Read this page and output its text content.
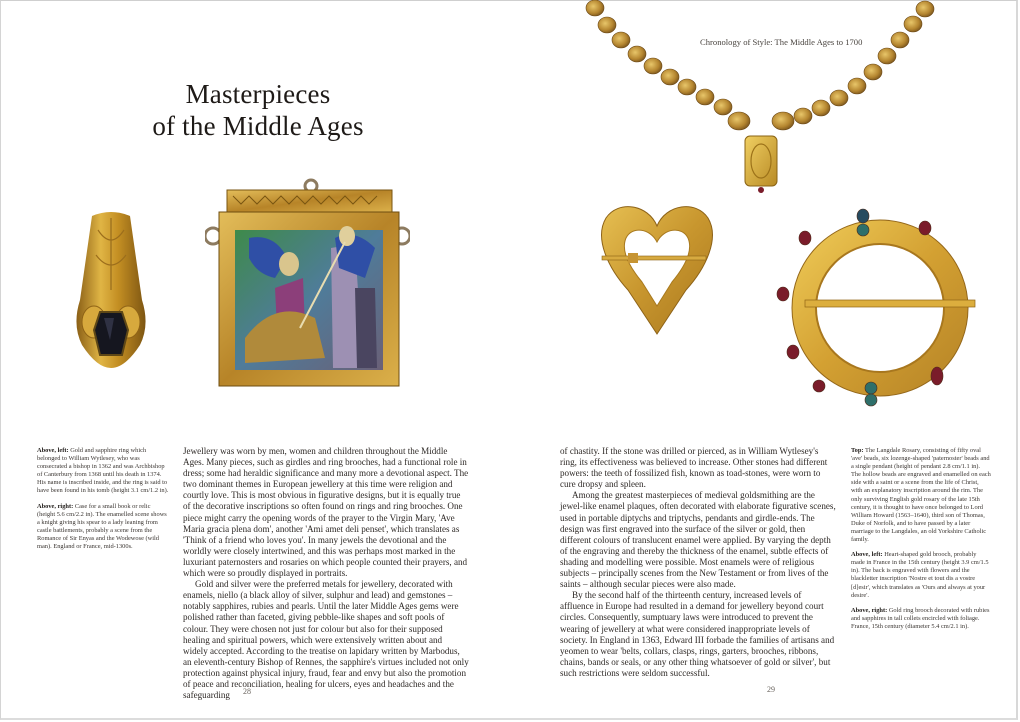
Masterpieces
of the Middle Ages

Above, left: Gold and sapphire ring which belonged to William Wytlesey, who was consecrated a bishop in 1362 and was Archbishop of Canterbury from 1368 until his death in 1374. His name is inscribed inside, and the ring is said to have been found in his tomb (height 3.1 cm/1.2 in).

Above, right: Case for a small book or relic (height 5.6 cm/2.2 in). The enamelled scene shows a knight giving his spear to a lady leaning from castle battlements, probably a scene from the Romance of Sir Enyas and the Wodewose (wild man). England or France, mid-1300s.

Jewellery was worn by men, women and children throughout the Middle Ages. Many pieces, such as girdles and ring brooches, had a functional role in dress; some had heraldic significance and many more a devotional aspect. The two dominant themes in European jewellery at this time were religion and courtly love. This is most obvious in figurative designs, but it is equally true of the decorative inscriptions so often found on rings and ring brooches. One piece might carry the opening words of the prayer to the Virgin Mary, 'Ave Maria gracia plena dom', another 'Ami amet deli penset', which translates as 'Think of a friend who loves you'. In many jewels the devotional and the worldly were closely intertwined, and this was perhaps most marked in the luxuriant paternosters and rosaries on which people counted their prayers, and which were so proudly displayed in portraits.

Gold and silver were the preferred metals for jewellery, decorated with enamels, niello (a black alloy of silver, sulphur and lead) and gemstones – notably sapphires, rubies and pearls. Until the later Middle Ages gems were polished rather than faceted, giving pebble-like shapes and soft pools of colour. They were chosen not just for colour but also for their supposed healing and spiritual powers, which were extensively written about and widely accepted. According to the treatise on lapidary written by Marbodus, an eleventh-century Bishop of Rennes, the sapphire's virtues included not only protection against physical injury, fraud, fear and envy but also the promotion of peace and reconciliation, healing for ulcers, eyes and headaches and the safeguarding	28
Chronology of Style: The Middle Ages to 1700

of chastity. If the stone was drilled or pierced, as in William Wytlesey's ring, its effectiveness was believed to increase. Other stones had different powers: the teeth of fossilized fish, known as toad-stones, were worn to cure dropsy and spleen.

Among the greatest masterpieces of medieval goldsmithing are the jewel-like enamel plaques, often decorated with elaborate figurative scenes, used in portable diptychs and triptychs, pendants and girdle-ends. The design was first engraved into the surface of the silver or gold, then different colours of translucent enamel were applied. By varying the depth of the engraving and thereby the thickness of the enamel, subtle effects of shading and modelling were possible. Most enamels were of religious subjects – principally scenes from the New Testament or from lives of the saints – although secular pieces were also made.

By the second half of the thirteenth century, increased levels of affluence in Europe had resulted in a demand for jewellery beyond court circles. Consequently, sumptuary laws were introduced to prevent the wearing of jewellery at what were considered inappropriate levels of society. In England in 1363, Edward III forbade the families of artisans and yeomen to wear 'belts, collars, clasps, rings, garters, brooches, ribbons, chains, bands or seals, or any other thing whatsoever of gold or silver', but such restrictions were seldom successful.

Top: The Langdale Rosary, consisting of fifty oval 'ave' beads, six lozenge-shaped 'paternoster' beads and a single pendant (height of pendant 2.8 cm/1.1 in). The hollow beads are engraved and enamelled on each side with a saint or a scene from the life of Christ, with an explanatory inscription around the rim. The only surviving English gold rosary of the late 15th century, it is thought to have once belonged to Lord William Howard (1563–1640), third son of Thomas, Duke of Norfolk, and to have passed by a later marriage to the Langdales, an old Yorkshire Catholic family.

Above, left: Heart-shaped gold brooch, probably made in France in the 15th century (height 3.9 cm/1.5 in). The back is engraved with flowers and the blackletter inscription 'Nostre et tout dis a vostre [d]esir', which translates as 'Ours and always at your desire'.

Above, right: Gold ring brooch decorated with rubies and sapphires in tall collets encircled with foliage. France, 15th century (diameter 5.4 cm/2.1 in).

29
